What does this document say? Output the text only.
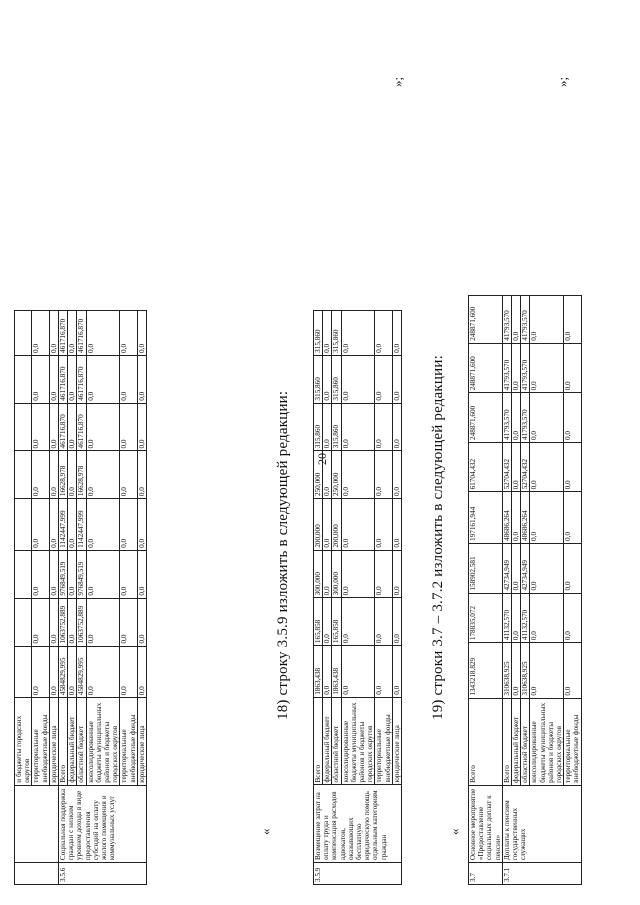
		и бюджеты городских округов								
		территориальные внебюджетные фонды	0,0	0,0	0,0	0,0	0,0	0,0	0,0	0,0
		юридические лица	0,0	0,0	0,0	0,0	0,0	0,0	0,0	0,0
3.5.6	Социальная поддержка граждан с низким уровнем дохода в виде предоставления субсидий на оплату жилого помещения и коммунальных услуг	Всего	4584829,995	1063752,889	976849,519	1142447,999	16628,978	461716,870	461716,870	461716,870
		федеральный бюджет	0,0	0,0	0,0	0,0	0,0	0,0	0,0	0,0
		областной бюджет	4584829,995	1063752,889	976849,519	1142447,999	16628,978	461716,870	461716,870	461716,870
		консолидированные бюджеты муниципальных районов и бюджеты городских округов	0,0	0,0	0,0	0,0	0,0	0,0	0,0	0,0
		территориальные внебюджетные фонды	0,0	0,0	0,0	0,0	0,0	0,0	0,0	0,0
		юридические лица	0,0	0,0	0,0	0,0	0,0	0,0	0,0	0,0
«
18) строку 3.5.9 изложить в следующей редакции: 20
3.5.9	Возмещение затрат на оплату труда и компенсация расходов адвокатов, оказывающих бесплатную юридическую помощь отдельным категориям граждан	Всего	1863,438	165,858	300,000	200,000	250,000	315,860	315,860	315,860
		федеральный бюджет	0,0	0,0	0,0	0,0	0,0	0,0	0,0	0,0
		областной бюджет	1863,438	165,858	300,000	200,000	250,000	315,860	315,860	315,860
		консолидированные бюджеты муниципальных районов и бюджеты городских округов	0,0	0,0	0,0	0,0	0,0	0,0	0,0	0,0
		территориальные внебюджетные фонды	0,0	0,0	0,0	0,0	0,0	0,0	0,0	0,0
		юридические лица	0,0	0,0	0,0	0,0	0,0	0,0	0,0	0,0
»;
«
19) строки 3.7 – 3.7.2 изложить в следующей редакции:
3.7	Основное мероприятие «Предоставление социальных доплат к пенсии»	Всего	1343218,829	178835,072	158902,581	197161,944	61704,432	248871,600	248871,600	248871,600
3.7.1	Доплаты к пенсиям государственных служащих	Всего	310638,925	41132,570	42734,949	48686,264	52704,432	41793,570	41793,570	41793,570
		федеральный бюджет	0,0	0,0	0,0	0,0	0,0	0,0	0,0	0,0
		областной бюджет	310638,925	41132,570	42734,949	48686,264	52704,432	41793,570	41793,570	41793,570
		консолидированные бюджеты муниципальных районов и бюджеты городских округов	0,0	0,0	0,0	0,0	0,0	0,0	0,0	0,0
		территориальные внебюджетные фонды	0,0	0,0	0,0	0,0	0,0	0,0	0,0	0,0
»;
